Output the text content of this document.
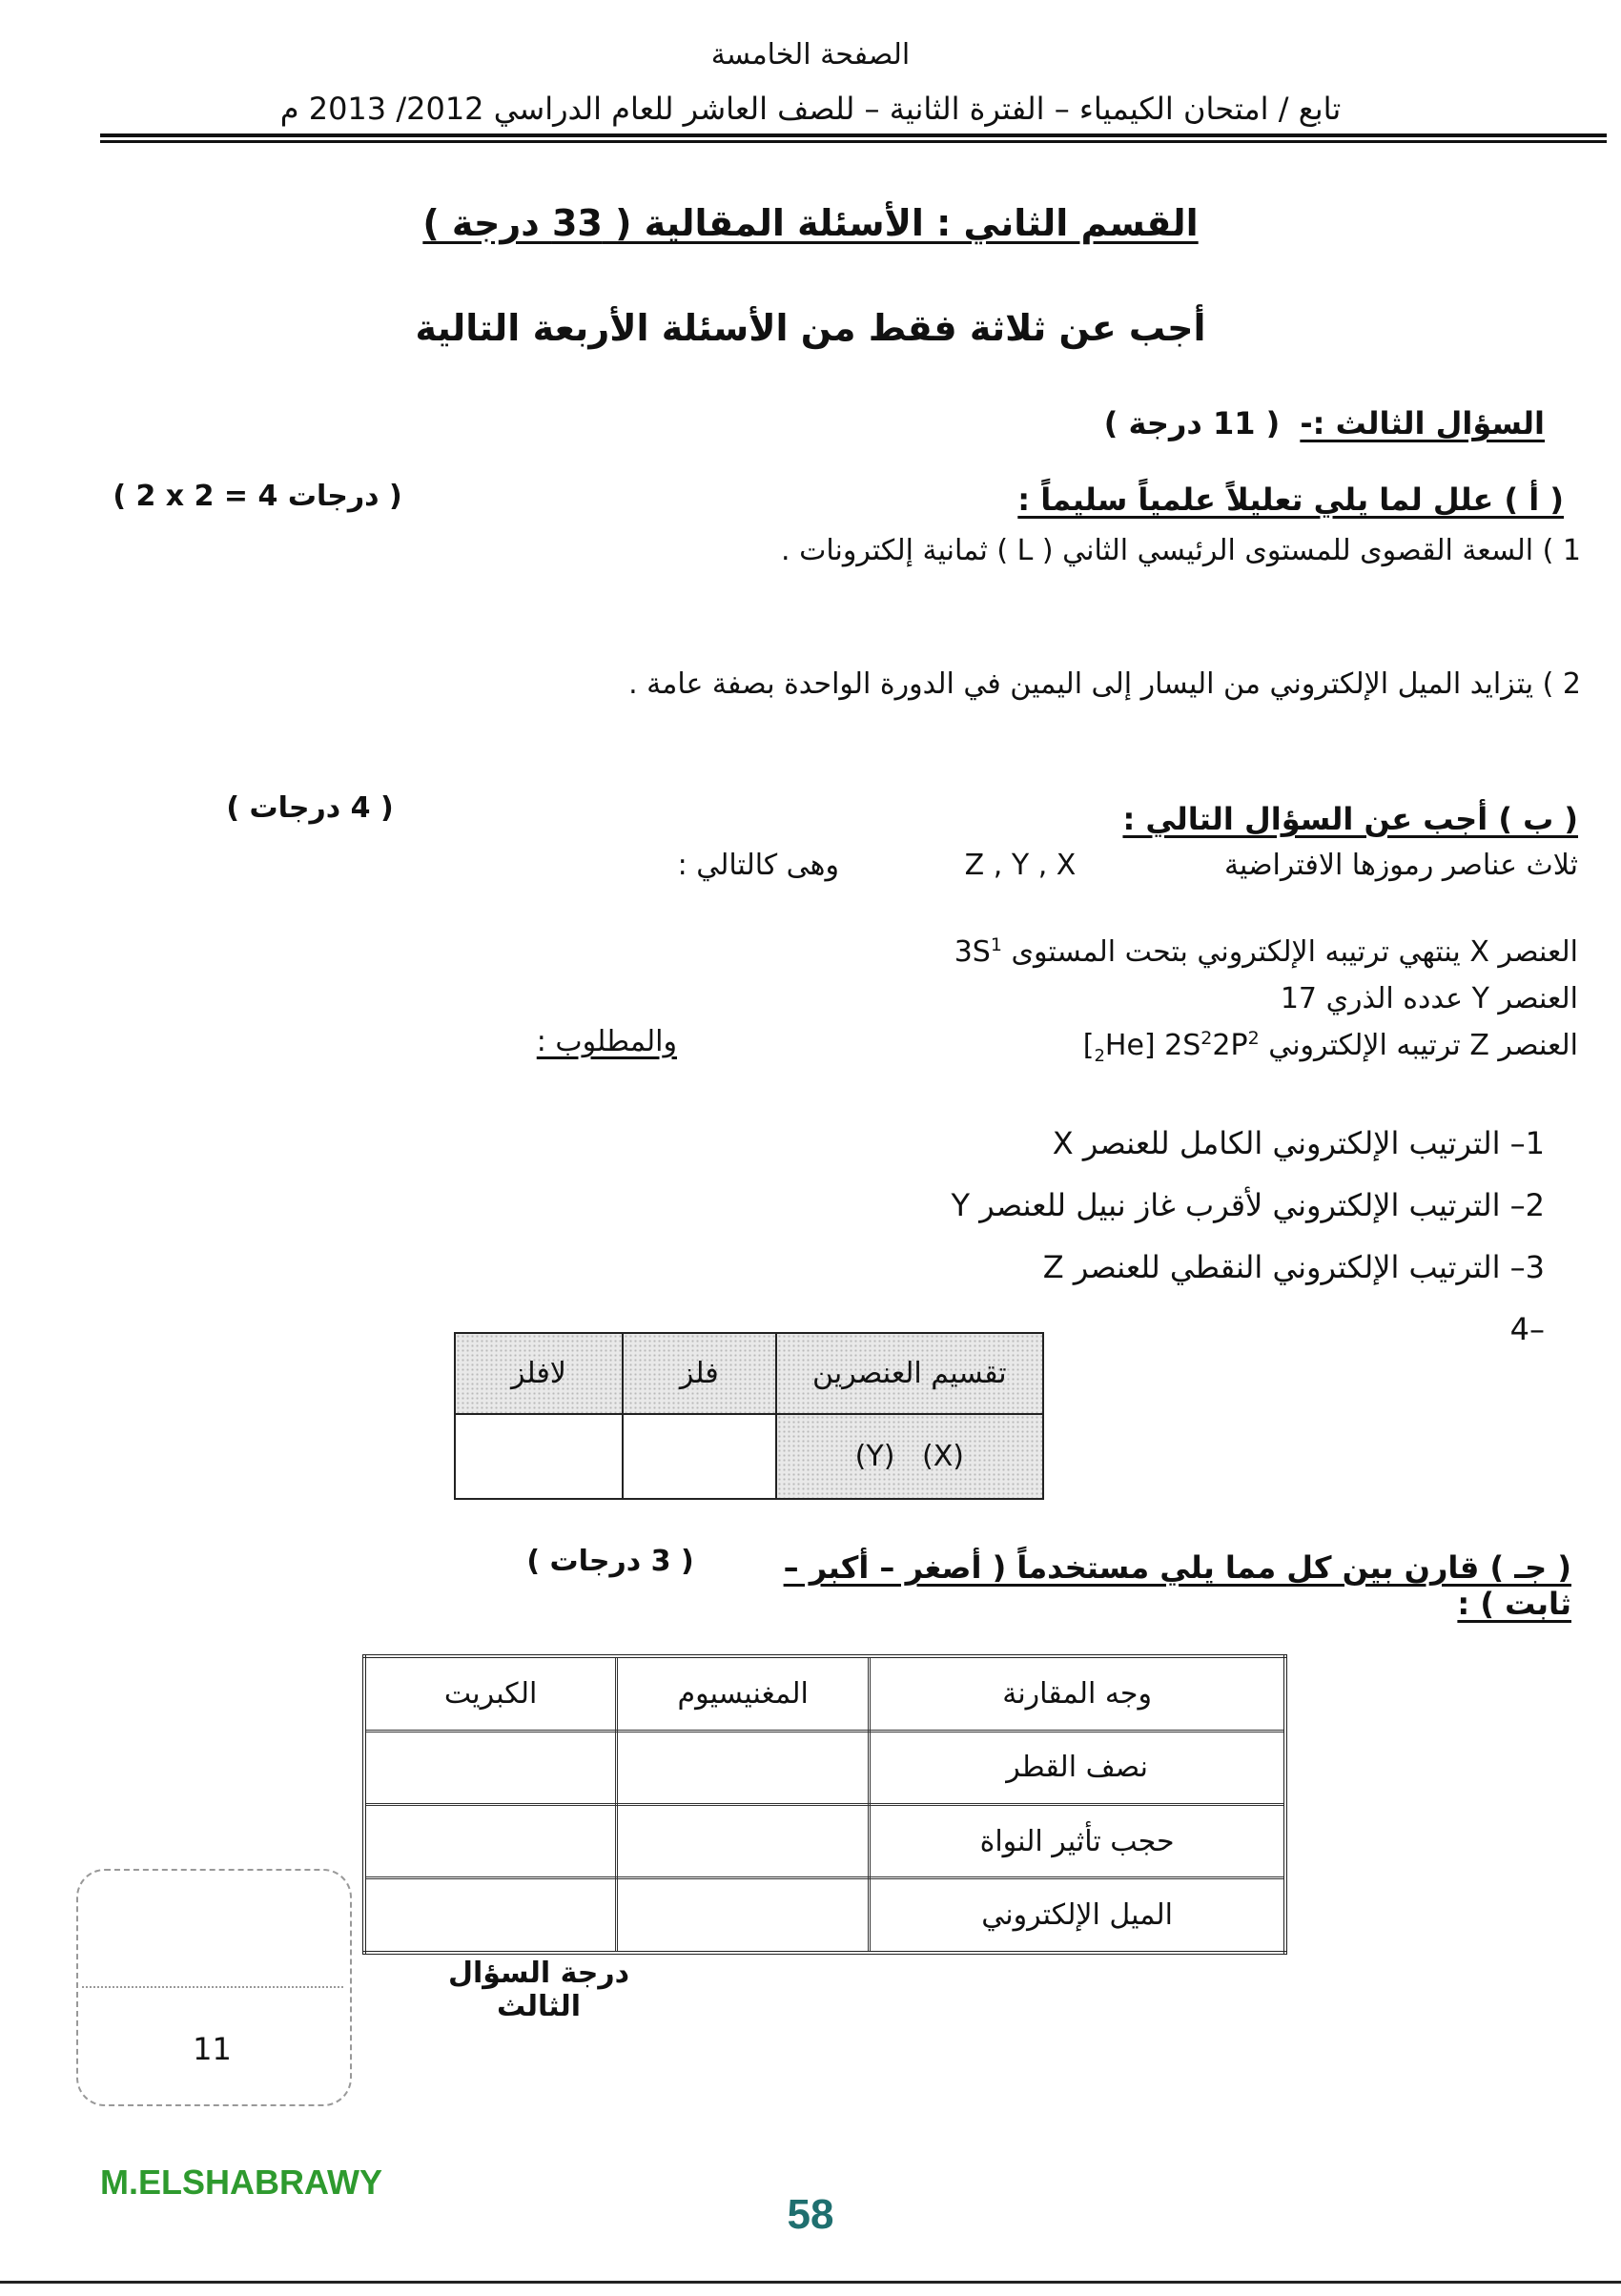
الصفحة الخامسة
تابع / امتحان الكيمياء – الفترة الثانية – للصف العاشر للعام الدراسي 2012/ 2013 م
القسم الثاني : الأسئلة المقالية ( 33 درجة )
أجب عن ثلاثة فقط من الأسئلة الأربعة التالية
السؤال الثالث :-
( 11 درجة )
( أ ) علل لما يلي تعليلاً علمياً سليماً :
( 2 x 2 = 4 درجات )
1 ) السعة القصوى للمستوى الرئيسي الثاني ( L ) ثمانية إلكترونات .
2 ) يتزايد الميل الإلكتروني من اليسار إلى اليمين في الدورة الواحدة بصفة عامة .
( ب ) أجب عن السؤال التالي :
( 4 درجات )
ثلاث عناصر رموزها الافتراضية
Z , Y , X
وهى كالتالي :
العنصر X ينتهي ترتيبه الإلكتروني بتحت المستوى  $3S^1$
العنصر Y عدده الذري 17
العنصر Z ترتيبه الإلكتروني  $[_2He]$ $2S^22P^2$
والمطلوب :
1– الترتيب الإلكتروني الكامل للعنصر X
2– الترتيب الإلكتروني لأقرب غاز نبيل للعنصر Y
3– الترتيب الإلكتروني النقطي للعنصر Z
4–
تقسيم العنصرين	فلز	لافلز
(Y)   (X)		
( جـ ) قارن بين كل مما يلي مستخدماً ( أصغر – أكبر – ثابت ) :
( 3 درجات )
وجه المقارنة	المغنيسيوم	الكبريت
نصف القطر		
حجب تأثير النواة		
الميل الإلكتروني		
11
درجة السؤال الثالث
M.ELSHABRAWY
58
